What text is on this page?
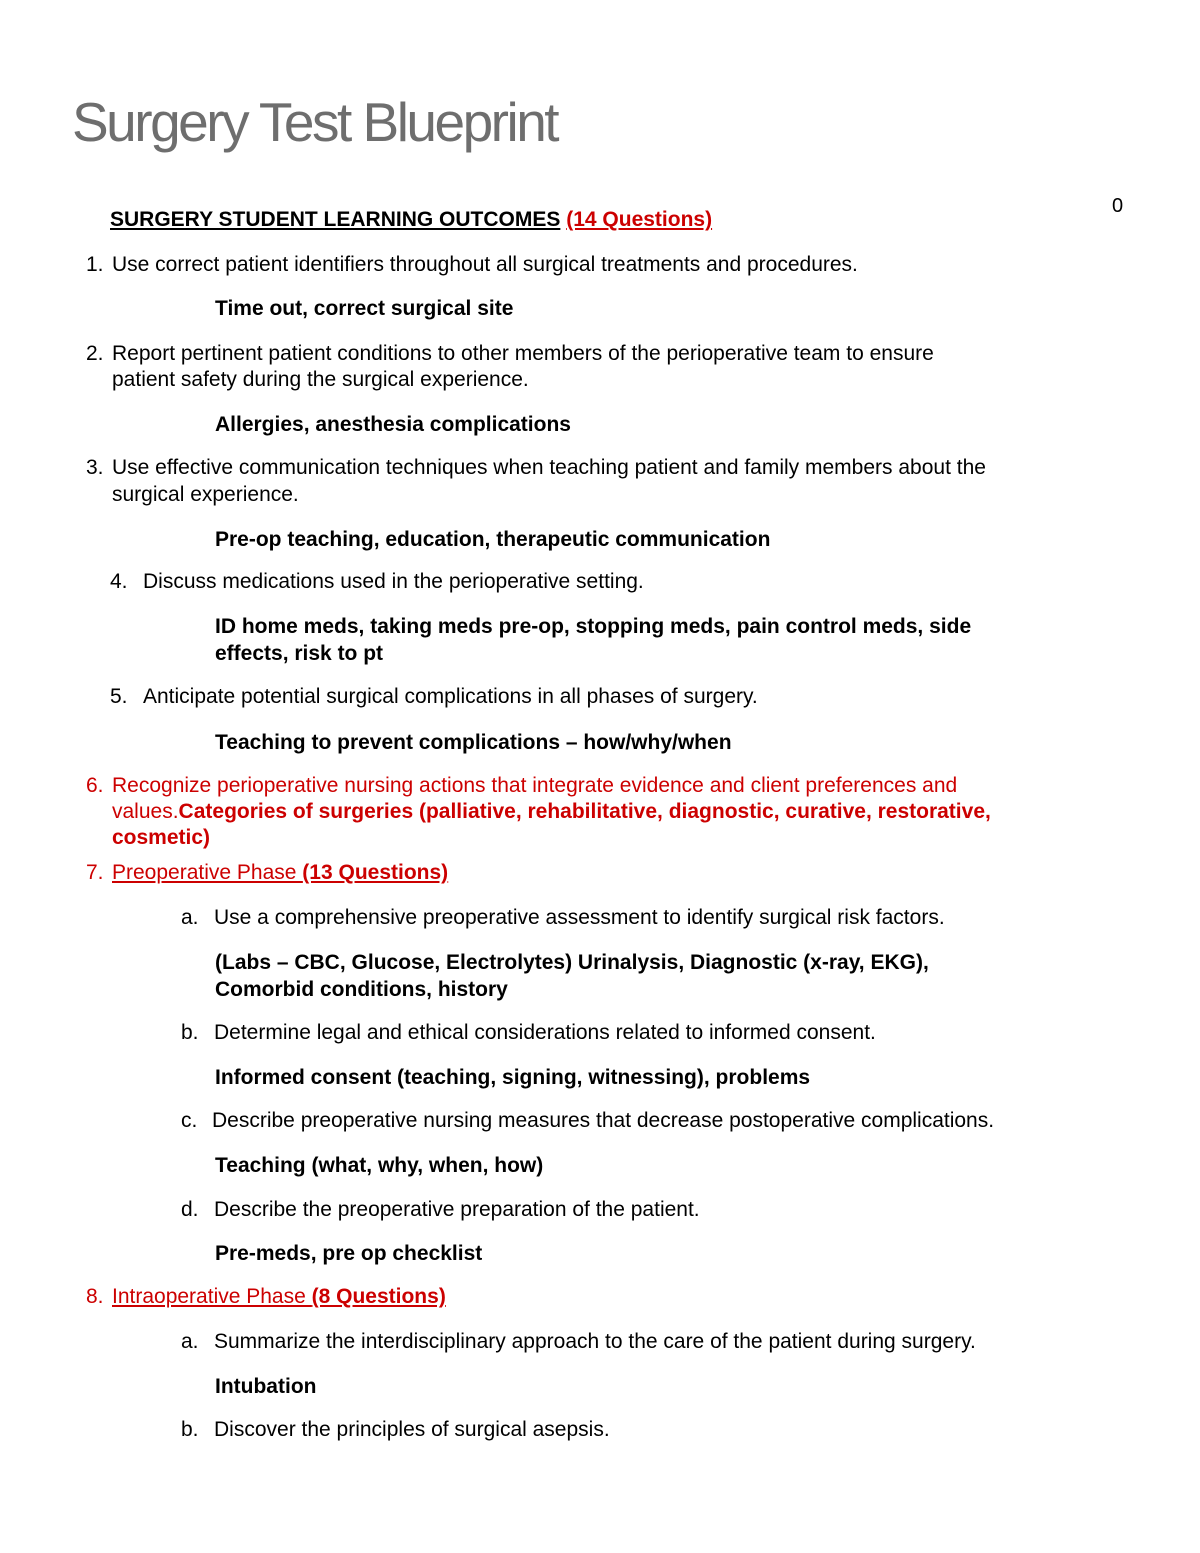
Surgery Test Blueprint
0
SURGERY STUDENT LEARNING OUTCOMES (14 Questions)
1. Use correct patient identifiers throughout all surgical treatments and procedures.
Time out, correct surgical site
2. Report pertinent patient conditions to other members of the perioperative team to ensure
patient safety during the surgical experience.
Allergies, anesthesia complications
3. Use effective communication techniques when teaching patient and family members about the
surgical experience.
Pre-op teaching, education, therapeutic communication
4. Discuss medications used in the perioperative setting.
ID home meds, taking meds pre-op, stopping meds, pain control meds, side
effects, risk to pt
5. Anticipate potential surgical complications in all phases of surgery.
Teaching to prevent complications – how/why/when
6. Recognize perioperative nursing actions that integrate evidence and client preferences and
values.Categories of surgeries (palliative, rehabilitative, diagnostic, curative, restorative,
cosmetic)
7. Preoperative Phase (13 Questions)
a. Use a comprehensive preoperative assessment to identify surgical risk factors.
(Labs – CBC, Glucose, Electrolytes) Urinalysis, Diagnostic (x-ray, EKG),
Comorbid conditions, history
b. Determine legal and ethical considerations related to informed consent.
Informed consent (teaching, signing, witnessing), problems
c. Describe preoperative nursing measures that decrease postoperative complications.
Teaching (what, why, when, how)
d. Describe the preoperative preparation of the patient.
Pre-meds, pre op checklist
8. Intraoperative Phase (8 Questions)
a. Summarize the interdisciplinary approach to the care of the patient during surgery.
Intubation
b. Discover the principles of surgical asepsis.
